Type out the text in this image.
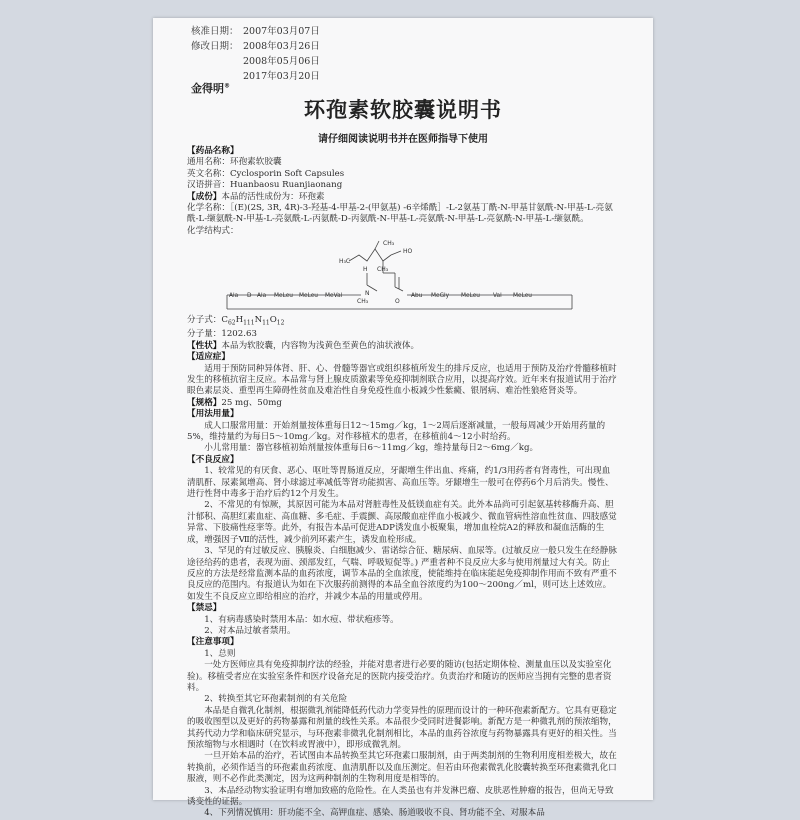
核准日期： 2007年03月07日
修改日期： 2008年03月26日
2008年05月06日
2017年03月20日
金得明®
环孢素软胶囊说明书
请仔细阅读说明书并在医师指导下使用

【药品名称】

通用名称：环孢素软胶囊

英文名称：Cyclosporin Soft Capsules

汉语拼音：Huanbaosu Ruanjiaonang

【成份】本品的活性成份为：环孢素

化学名称：［(E)(2S, 3R, 4R)-3-羟基-4-甲基-2-(甲氨基) -6辛烯酰］-L-2氨基丁酰-N-甲基甘氨酰-N-甲基-L-亮氨酰-L-缬氨酰-N-甲基-L-亮氨酰-L-丙氨酰-D-丙氨酰-N-甲基-L-亮氨酰-N-甲基-L-亮氨酰-N-甲基-L-缬氨酰。

化学结构式：

H₃C
CH₃
HO
H CH₃
N
CH₃	O
Ala D Ala MeLeu MeLeu MeVal	Abu MeGly MeLeu Val MeLeu

分子式：$C_{62}H_{111}N_{11}O_{12}$

分子量：1202.63

【性状】本品为软胶囊，内容物为浅黄色至黄色的油状液体。

【适应症】

适用于预防同种异体肾、肝、心、骨髓等器官或组织移植所发生的排斥反应，也适用于预防及治疗骨髓移植时发生的移植抗宿主反应。本品常与肾上腺皮质激素等免疫抑制剂联合应用，以提高疗效。近年来有报道试用于治疗眼色素层炎、重型再生障碍性贫血及难治性自身免疫性血小板减少性紫癜、银屑病、难治性狼疮肾炎等。

【规格】25 mg、50mg

【用法用量】

成人口服常用量：开始剂量按体重每日12～15mg／kg，1～2周后逐渐减量，一般每周减少开始用药量的5%，维持量约为每日5～10mg／kg。对作移植术的患者，在移植前4～12小时给药。

小儿常用量：器官移植初始剂量按体重每日6～11mg／kg，维持量每日2～6mg／kg。

【不良反应】

1、较常见的有厌食、恶心、呕吐等胃肠道反应，牙龈增生伴出血、疼痛，约1/3用药者有肾毒性，可出现血清肌酐、尿素氮增高、肾小球滤过率减低等肾功能损害、高血压等。牙龈增生一般可在停药6个月后消失。慢性、进行性肾中毒多于治疗后约12个月发生。

2、不常见的有惊厥，其原因可能为本品对肾脏毒性及低镁血症有关。此外本品尚可引起氨基转移酶升高、胆汁郁积、高胆红素血症、高血糖、多毛症、手震颤、高尿酸血症伴血小板减少、微血管病性溶血性贫血、四肢感觉异常、下肢痛性痉挛等。此外，有报告本品可促进ADP诱发血小板聚集，增加血栓烷A2的释放和凝血活酶的生成，增强因子Ⅶ的活性，减少前列环素产生，诱发血栓形成。

3、罕见的有过敏反应、胰腺炎、白细胞减少、雷诺综合征、糖尿病、血尿等。(过敏反应一般只发生在经静脉途径给药的患者，表现为面、颈部发红，气喘、呼吸短促等。) 严重者种不良反应大多与使用剂量过大有关。防止反应的方法是经常监测本品的血药浓度，调节本品的全血浓度，使能维持在临床能起免疫抑制作用而不致有严重不良反应的范围内。有报道认为如在下次服药前测得的本品全血谷浓度约为100～200ng／ml，则可达上述效应。如发生不良反应立即给相应的治疗，并减少本品的用量或停用。

【禁忌】

1、有病毒感染时禁用本品：如水痘、带状疱疹等。

2、对本品过敏者禁用。

【注意事项】

1、总则

一处方医师应具有免疫抑制疗法的经验，并能对患者进行必要的随访(包括定期体检、测量血压以及实验室化验)。移植受者应在实验室条件和医疗设备充足的医院内接受治疗。负责治疗和随访的医师应当拥有完整的患者资料。

2、转换至其它环孢素制剂的有关危险

本品是自微乳化制剂，根据微乳剂能降低药代动力学变异性的原理而设计的一种环孢素新配方。它具有更稳定的吸收图型以及更好的药物暴露和剂量的线性关系。本品很少受同时进餐影响。新配方是一种微乳剂的预浓缩物，其药代动力学和临床研究显示，与环孢素非微乳化制剂相比，本品的血药谷浓度与药物暴露具有更好的相关性。当预浓缩物与水相遇时（在饮料或胃液中），即形成微乳剂。

一旦开始本品的治疗，若试图由本品转换至其它环孢素口服制剂，由于两类制剂的生物利用度相差极大，故在转换前，必须作适当的环孢素血药浓度、血清肌酐以及血压测定。但若由环孢素微乳化胶囊转换至环孢素微乳化口服液，则不必作此类测定，因为这两种制剂的生物利用度是相等的。

3、本品经动物实验证明有增加致癌的危险性。在人类虽也有并发淋巴瘤、皮肤恶性肿瘤的报告，但尚无导致诱变性的证据。

4、下列情况慎用：肝功能不全、高钾血症、感染、肠道吸收不良、肾功能不全、对服本品
